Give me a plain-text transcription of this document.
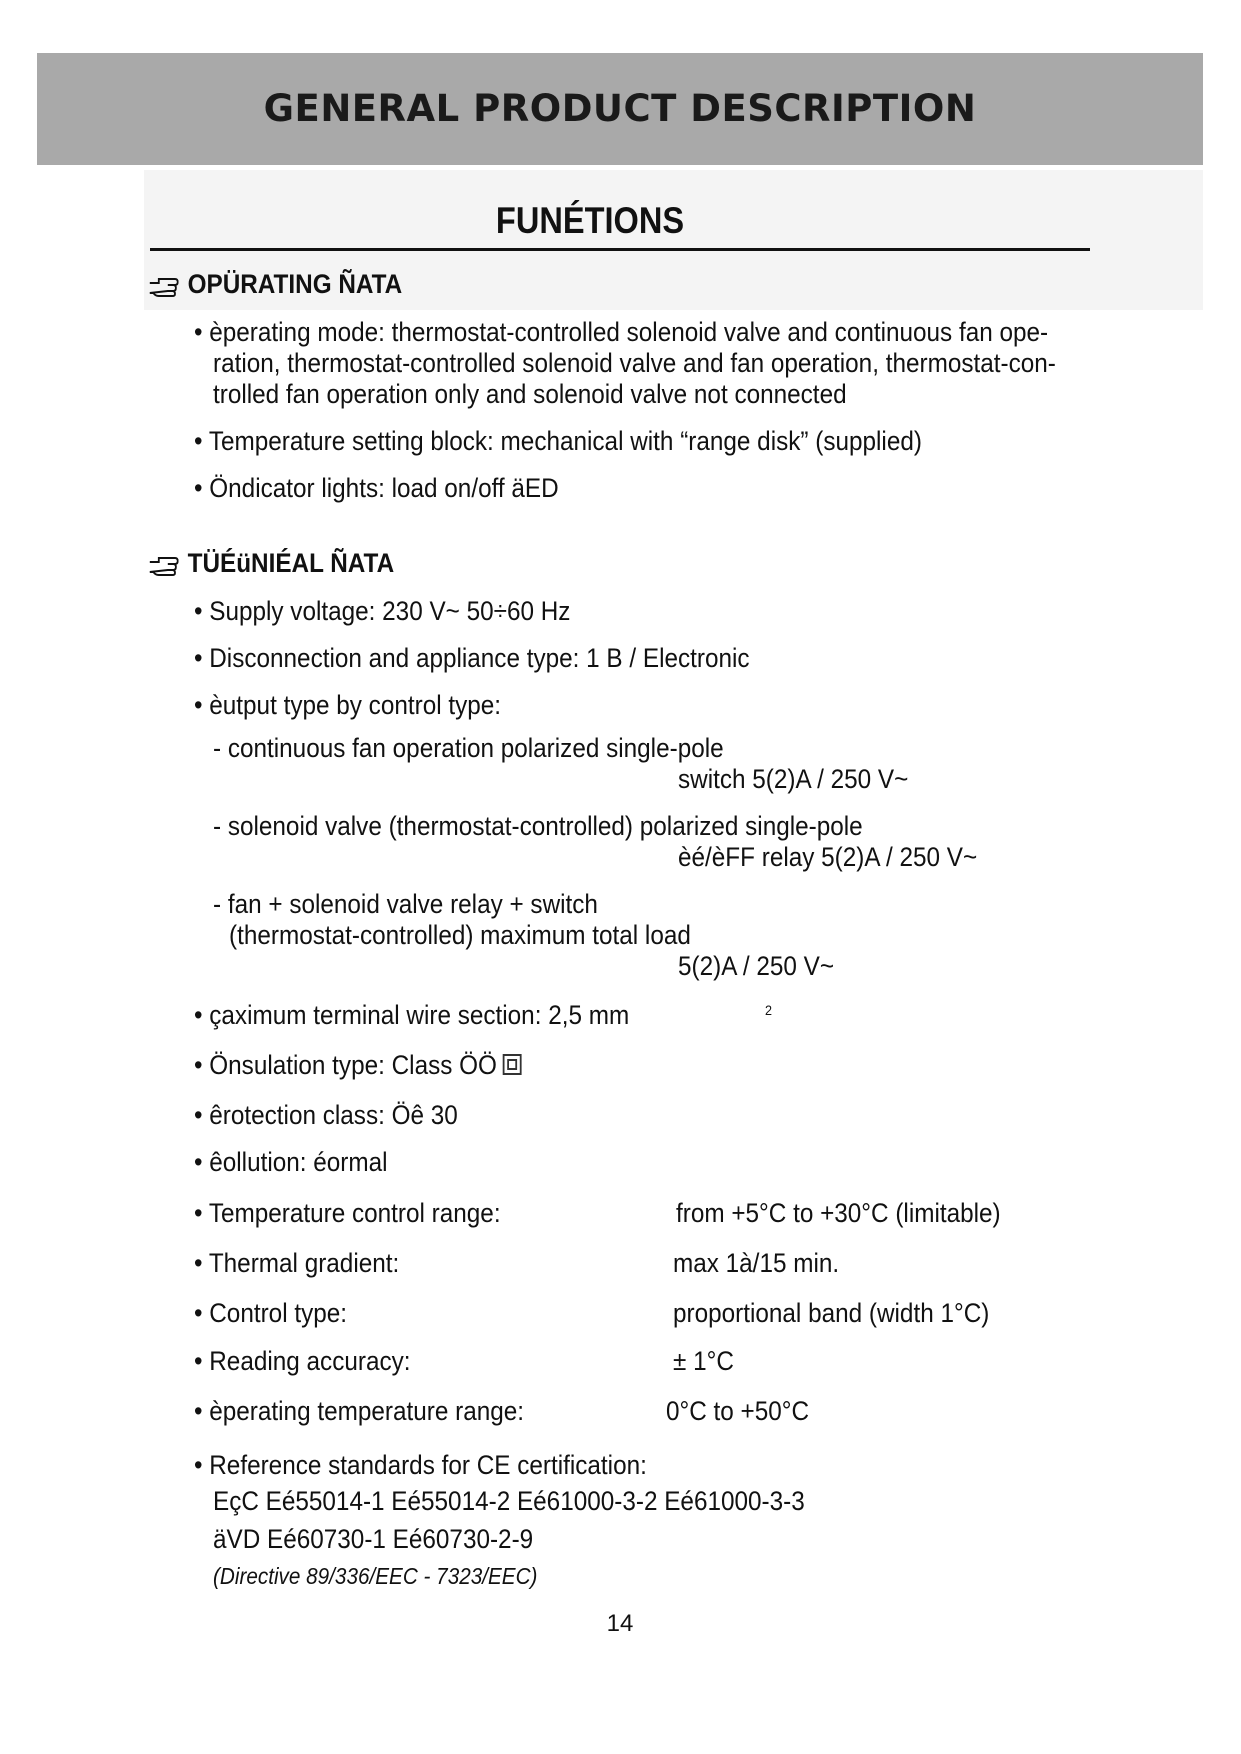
GENERAL PRODUCT DESCRIPTION
FUNÉTIONS
OPÜRATING ÑATA
• èperating mode: thermostat-controlled solenoid valve and continuous fan ope-
ration, thermostat-controlled solenoid valve and fan operation, thermostat-con-
trolled fan operation only and solenoid valve not connected
• Temperature setting block: mechanical with “range disk” (supplied)
• Öndicator lights: load on/off äED
TÜÉüNIÉAL ÑATA
• Supply voltage: 230 V~ 50÷60 Hz
• Disconnection and appliance type: 1 B / Electronic
• èutput type by control type:
- continuous fan operation polarized single-pole
switch 5(2)A / 250 V~
- solenoid valve (thermostat-controlled) polarized single-pole
èé/èFF relay 5(2)A / 250 V~
- fan + solenoid valve relay + switch
(thermostat-controlled) maximum total load
5(2)A / 250 V~
• çaximum terminal wire section: 2,5 mm	2
• Önsulation type: Class ÖÖ
• êrotection class: Öê 30
• êollution: éormal
• Temperature control range:	from +5°C to +30°C (limitable)
• Thermal gradient:	max 1à/15 min.
• Control type:	proportional band (width 1°C)
• Reading accuracy:	± 1°C
• èperating temperature range:	0°C to +50°C
• Reference standards for CE certification:
EçC Eé55014-1 Eé55014-2 Eé61000-3-2 Eé61000-3-3
äVD Eé60730-1 Eé60730-2-9
(Directive 89/336/EEC - 7323/EEC)
14
